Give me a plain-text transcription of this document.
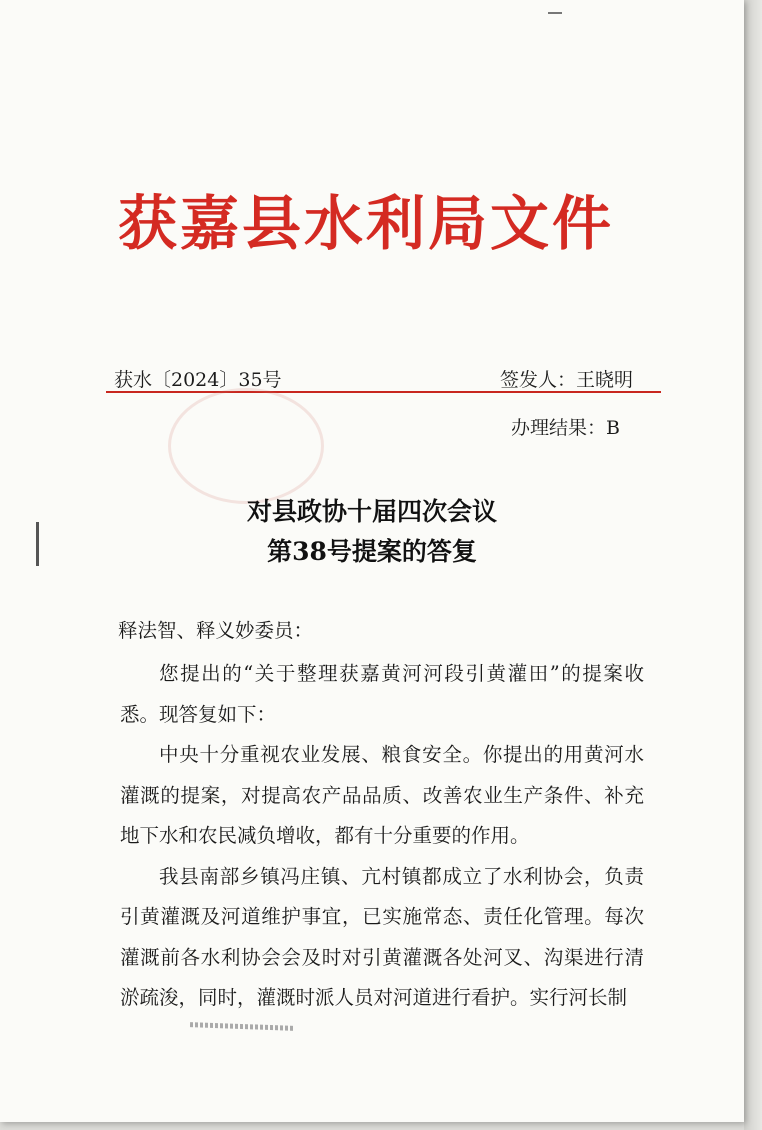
获嘉县水利局文件
获水〔2024〕35号	签发人：王晓明
办理结果：B
对县政协十届四次会议
第38号提案的答复
释法智、释义妙委员：

您提出的“关于整理获嘉黄河河段引黄灌田”的提案收悉。现答复如下：

中央十分重视农业发展、粮食安全。你提出的用黄河水灌溉的提案，对提高农产品品质、改善农业生产条件、补充地下水和农民减负增收，都有十分重要的作用。

我县南部乡镇冯庄镇、亢村镇都成立了水利协会，负责引黄灌溉及河道维护事宜，已实施常态、责任化管理。每次灌溉前各水利协会会及时对引黄灌溉各处河叉、沟渠进行清淤疏浚，同时，灌溉时派人员对河道进行看护。实行河长制
